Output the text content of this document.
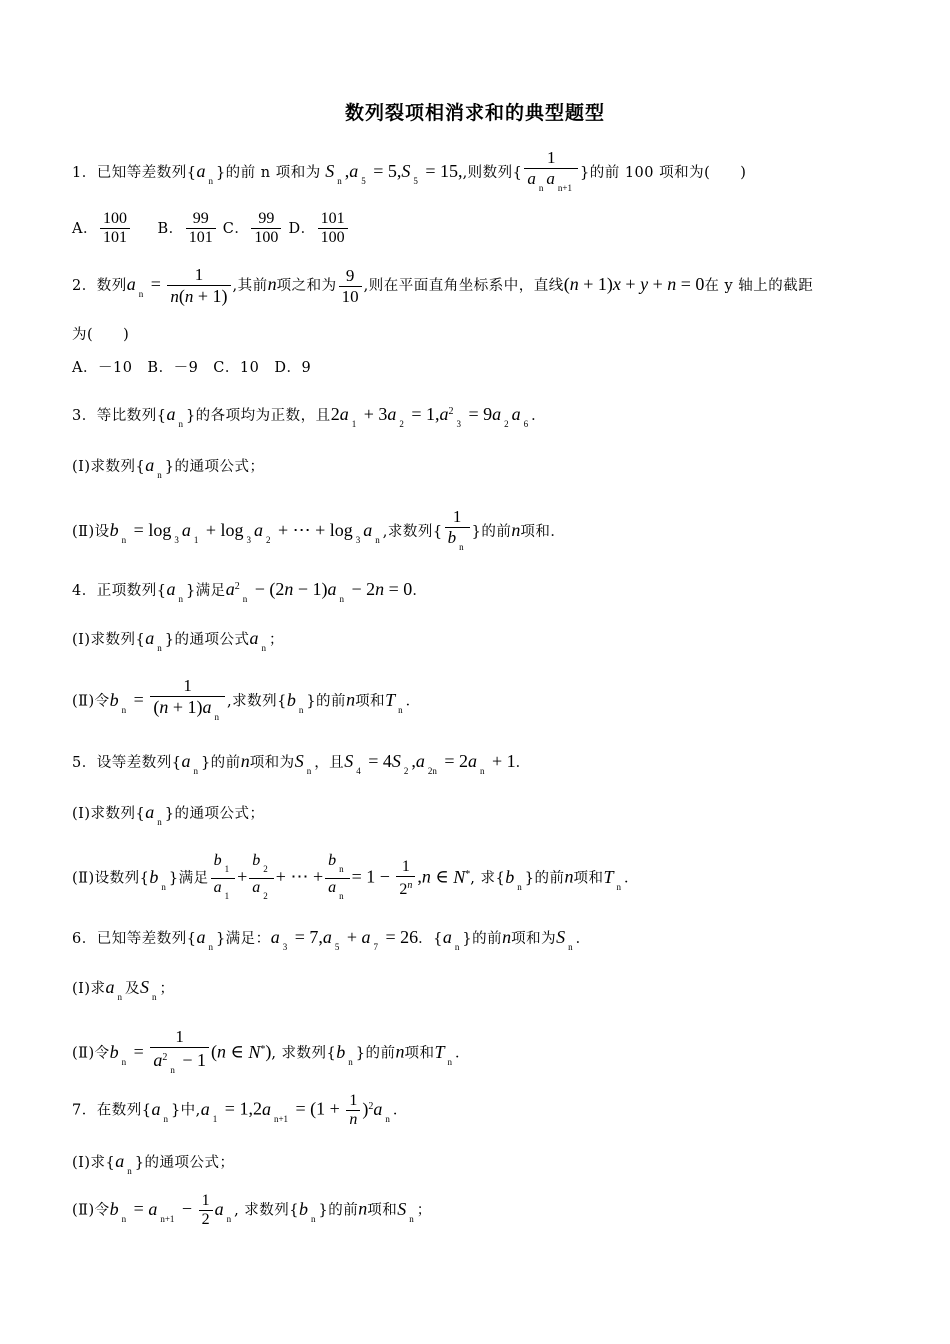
数列裂项相消求和的典型题型
1．已知等差数列{a $_n$ }的前 n 项和为 S $_n$ ,a $_5$ = 5,S $_5$ = 15,,则数列{ $\frac{1}{a _n a _{n+1}}$ }的前 100 项和为(　　)
A． $\frac{100}{101}$ B． $\frac{99}{101}$ C． $\frac{99}{100}$ D． $\frac{101}{100}$
2．数列a $_n = \frac{1}{n(n + 1)}$ ,其前n项之和为 $\frac{9}{10}$ ,则在平面直角坐标系中，直线(n + 1)x + y + n = 0在 y 轴上的截距
为(　　)
A．－10　B．－9　C．10　D．9
3．等比数列{a $_n$ }的各项均为正数，且2a $_1$ + 3a $_2 = 1,a^2_3 = 9a$ $_2$ a $_6$ ．
(Ⅰ)求数列{a $_n$ }的通项公式；
(Ⅱ)设b $_n$ = log $_3$ a $_1$ + log $_3$ a $_2$ + ⋯ + log $_3$ a $_n$ ,求数列{ $\frac{1}{b _n}$ }的前n项和．
4．正项数列{a $_n$ }满足$a^2_n - (2n - 1)a$ $_n$ − 2n = 0．
(Ⅰ)求数列{a $_n$ }的通项公式a $_n$ ；
(Ⅱ)令b $_n = \frac{1}{(n + 1)a _n}$ ,求数列{b $_n$ }的前n项和T $_n$ ．
5．设等差数列{a $_n$ }的前n项和为S $_n$ ，且S $_4$ = 4S $_2$ ,a $_{2n}$ = 2a $_n$ + 1．
(Ⅰ)求数列{a $_n$ }的通项公式；
(Ⅱ)设数列{b $_n$ }满足 $\frac{b _1}{a _1} + \frac{b _2}{a _2}$ + ⋯ + $\frac{b _n}{a _n} = 1 - \frac{1}{2^n} ,n$ ∈ N*, 求{b $_n$ }的前n项和T $_n$ ．
6．已知等差数列{a $_n$ }满足：a $_3$ = 7,a $_5$ + a $_7$ = 26．{a $_n$ }的前n项和为S $_n$ ．
(Ⅰ)求a $_n$ 及S $_n$ ；
(Ⅱ)令b $_n = \frac{1}{a^2_n - 1} (n$ ∈ N*), 求数列{b $_n$ }的前n项和T $_n$ ．
7．在数列{a $_n$ }中,a $_1$ = 1,2a $_{n+1} = (1 + \frac{1}{n} )^2a$ $_n$ ．
(Ⅰ)求{a $_n$ }的通项公式；
(Ⅱ)令b $_n$ = a $_{n+1} - \frac{1}{2}$ a $_n$ , 求数列{b $_n$ }的前n项和S $_n$ ；
